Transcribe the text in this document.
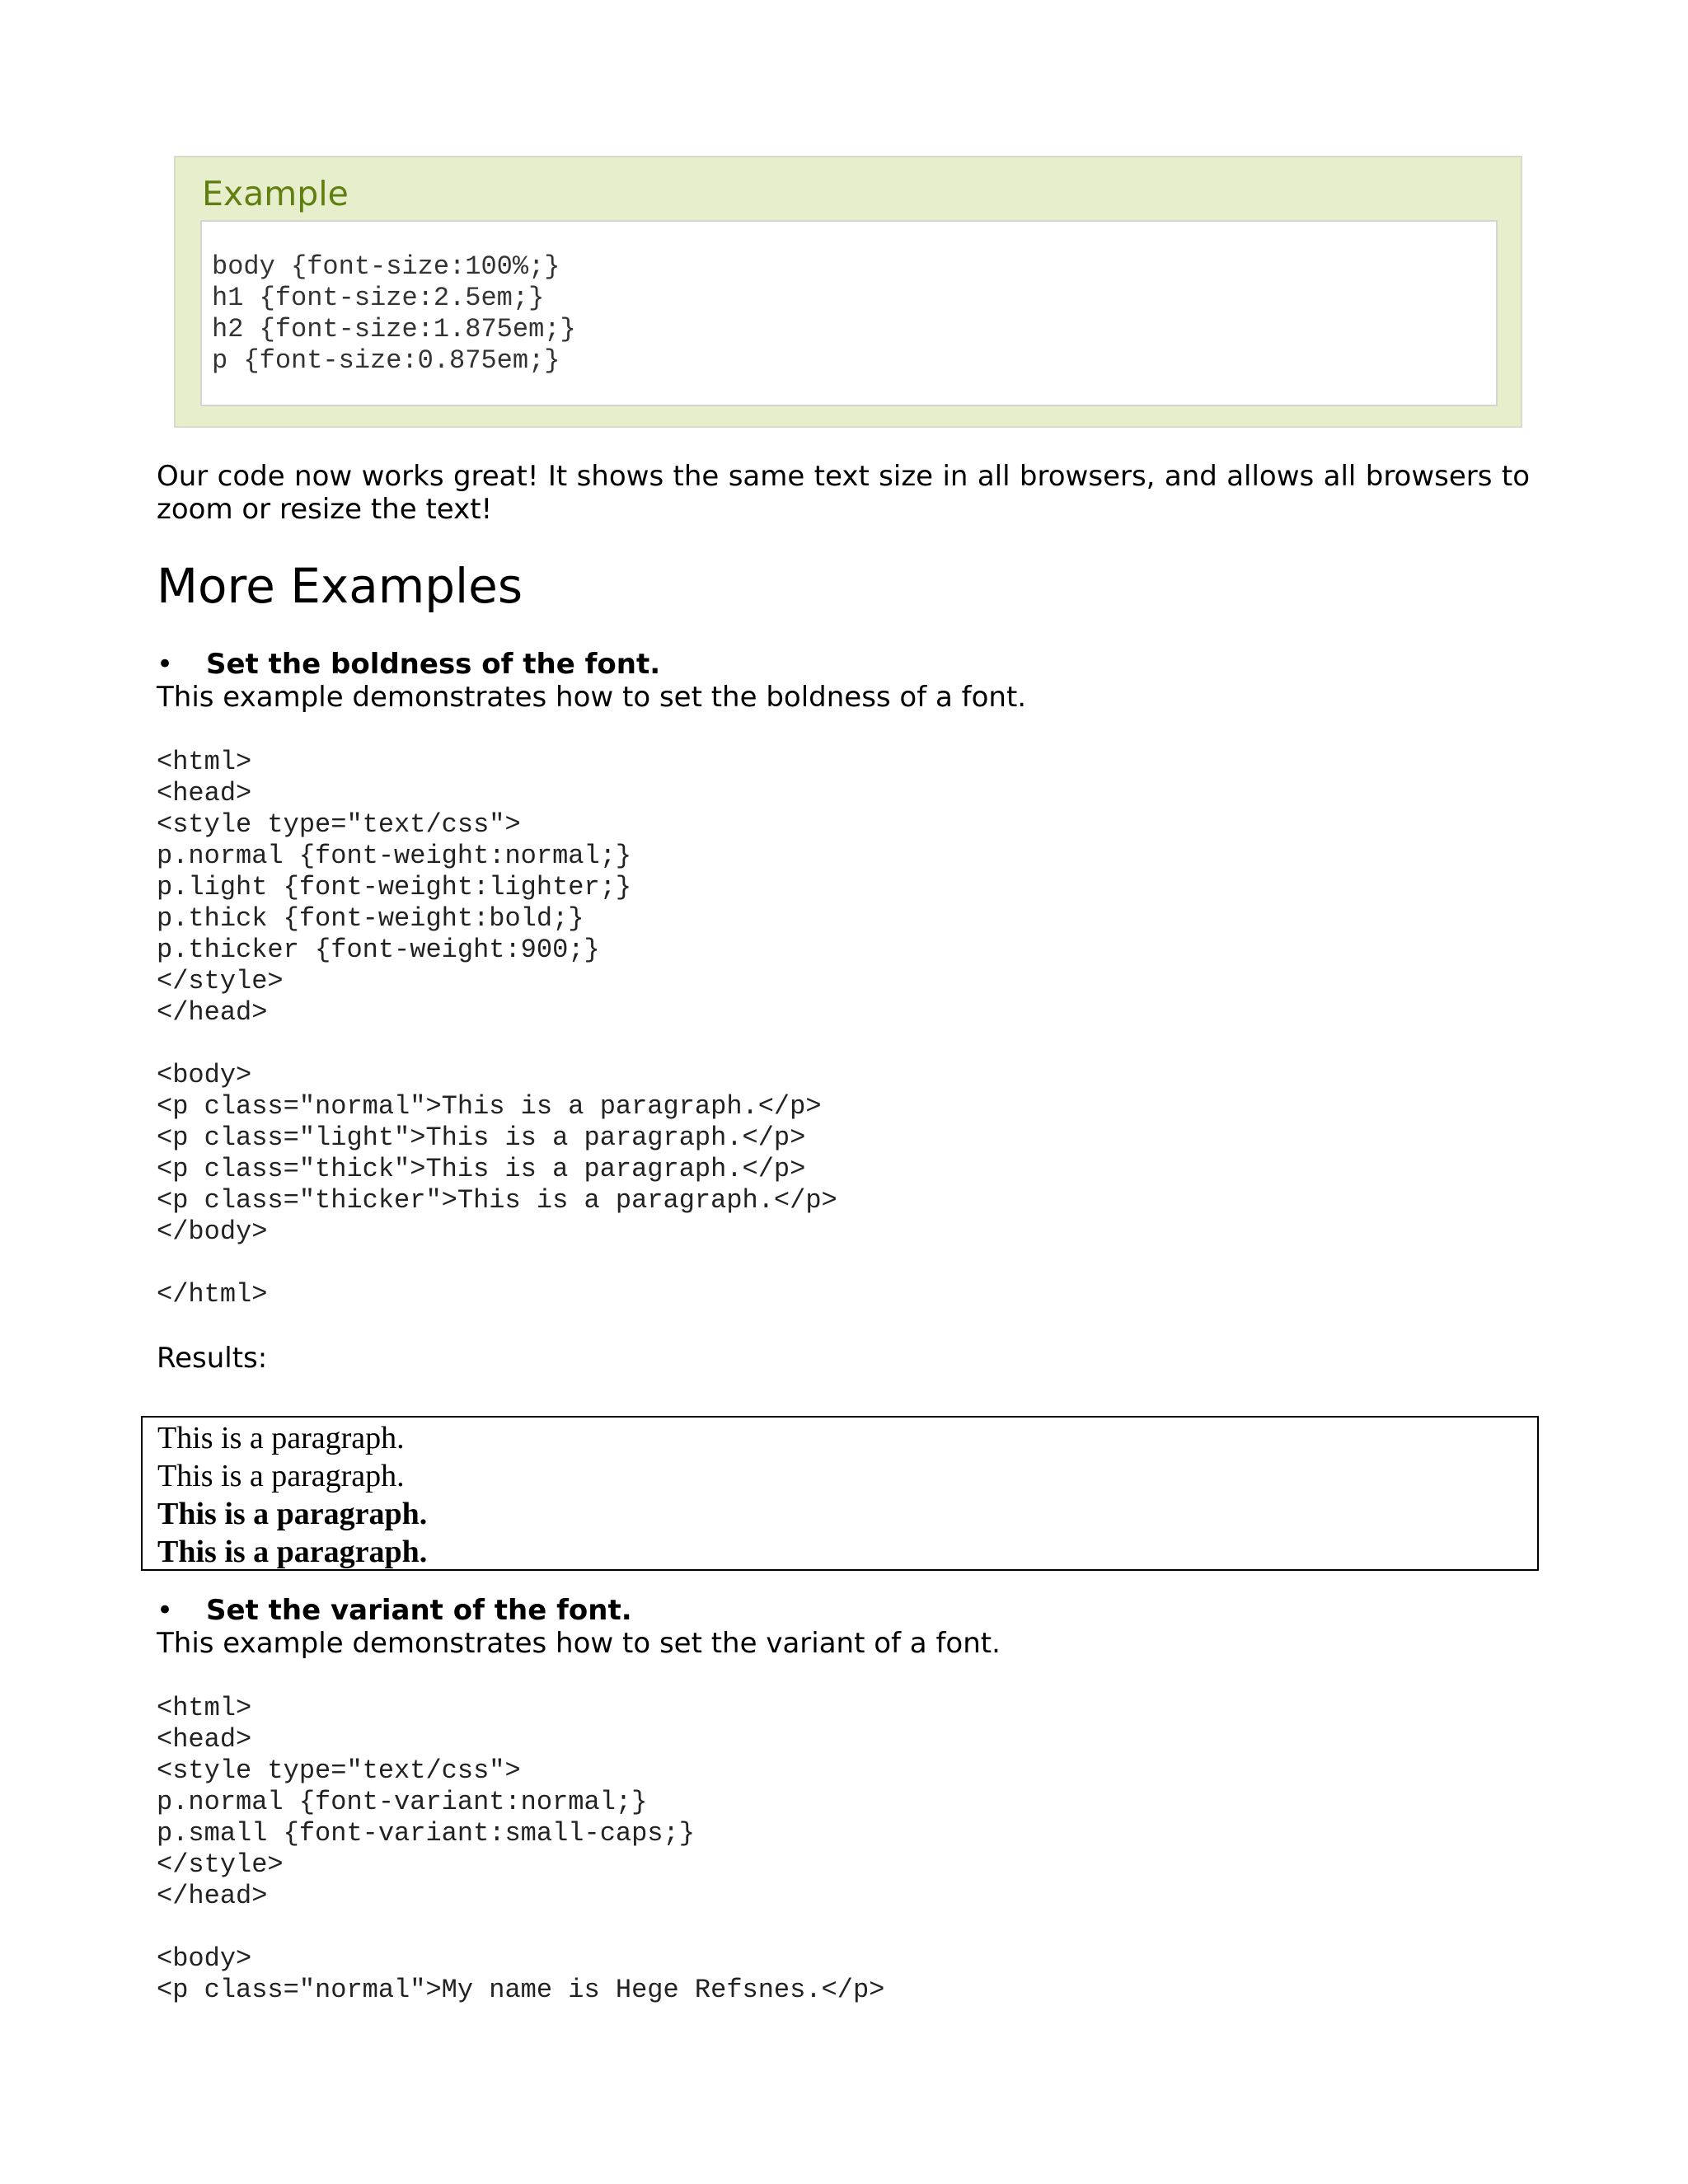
Example
body {font-size:100%;}
h1 {font-size:2.5em;}
h2 {font-size:1.875em;}
p {font-size:0.875em;}
Our code now works great! It shows the same text size in all browsers, and allows all browsers to zoom or resize the text!
More Examples
• Set the boldness of the font.
This example demonstrates how to set the boldness of a font.
<html>
<head>
<style type="text/css">
p.normal {font-weight:normal;}
p.light {font-weight:lighter;}
p.thick {font-weight:bold;}
p.thicker {font-weight:900;}
</style>
</head>

<body>
<p class="normal">This is a paragraph.</p>
<p class="light">This is a paragraph.</p>
<p class="thick">This is a paragraph.</p>
<p class="thicker">This is a paragraph.</p>
</body>

</html>
Results:

This is a paragraph.

This is a paragraph.

This is a paragraph.

This is a paragraph.

• Set the variant of the font.
This example demonstrates how to set the variant of a font.
<html>
<head>
<style type="text/css">
p.normal {font-variant:normal;}
p.small {font-variant:small-caps;}
</style>
</head>

<body>
<p class="normal">My name is Hege Refsnes.</p>
